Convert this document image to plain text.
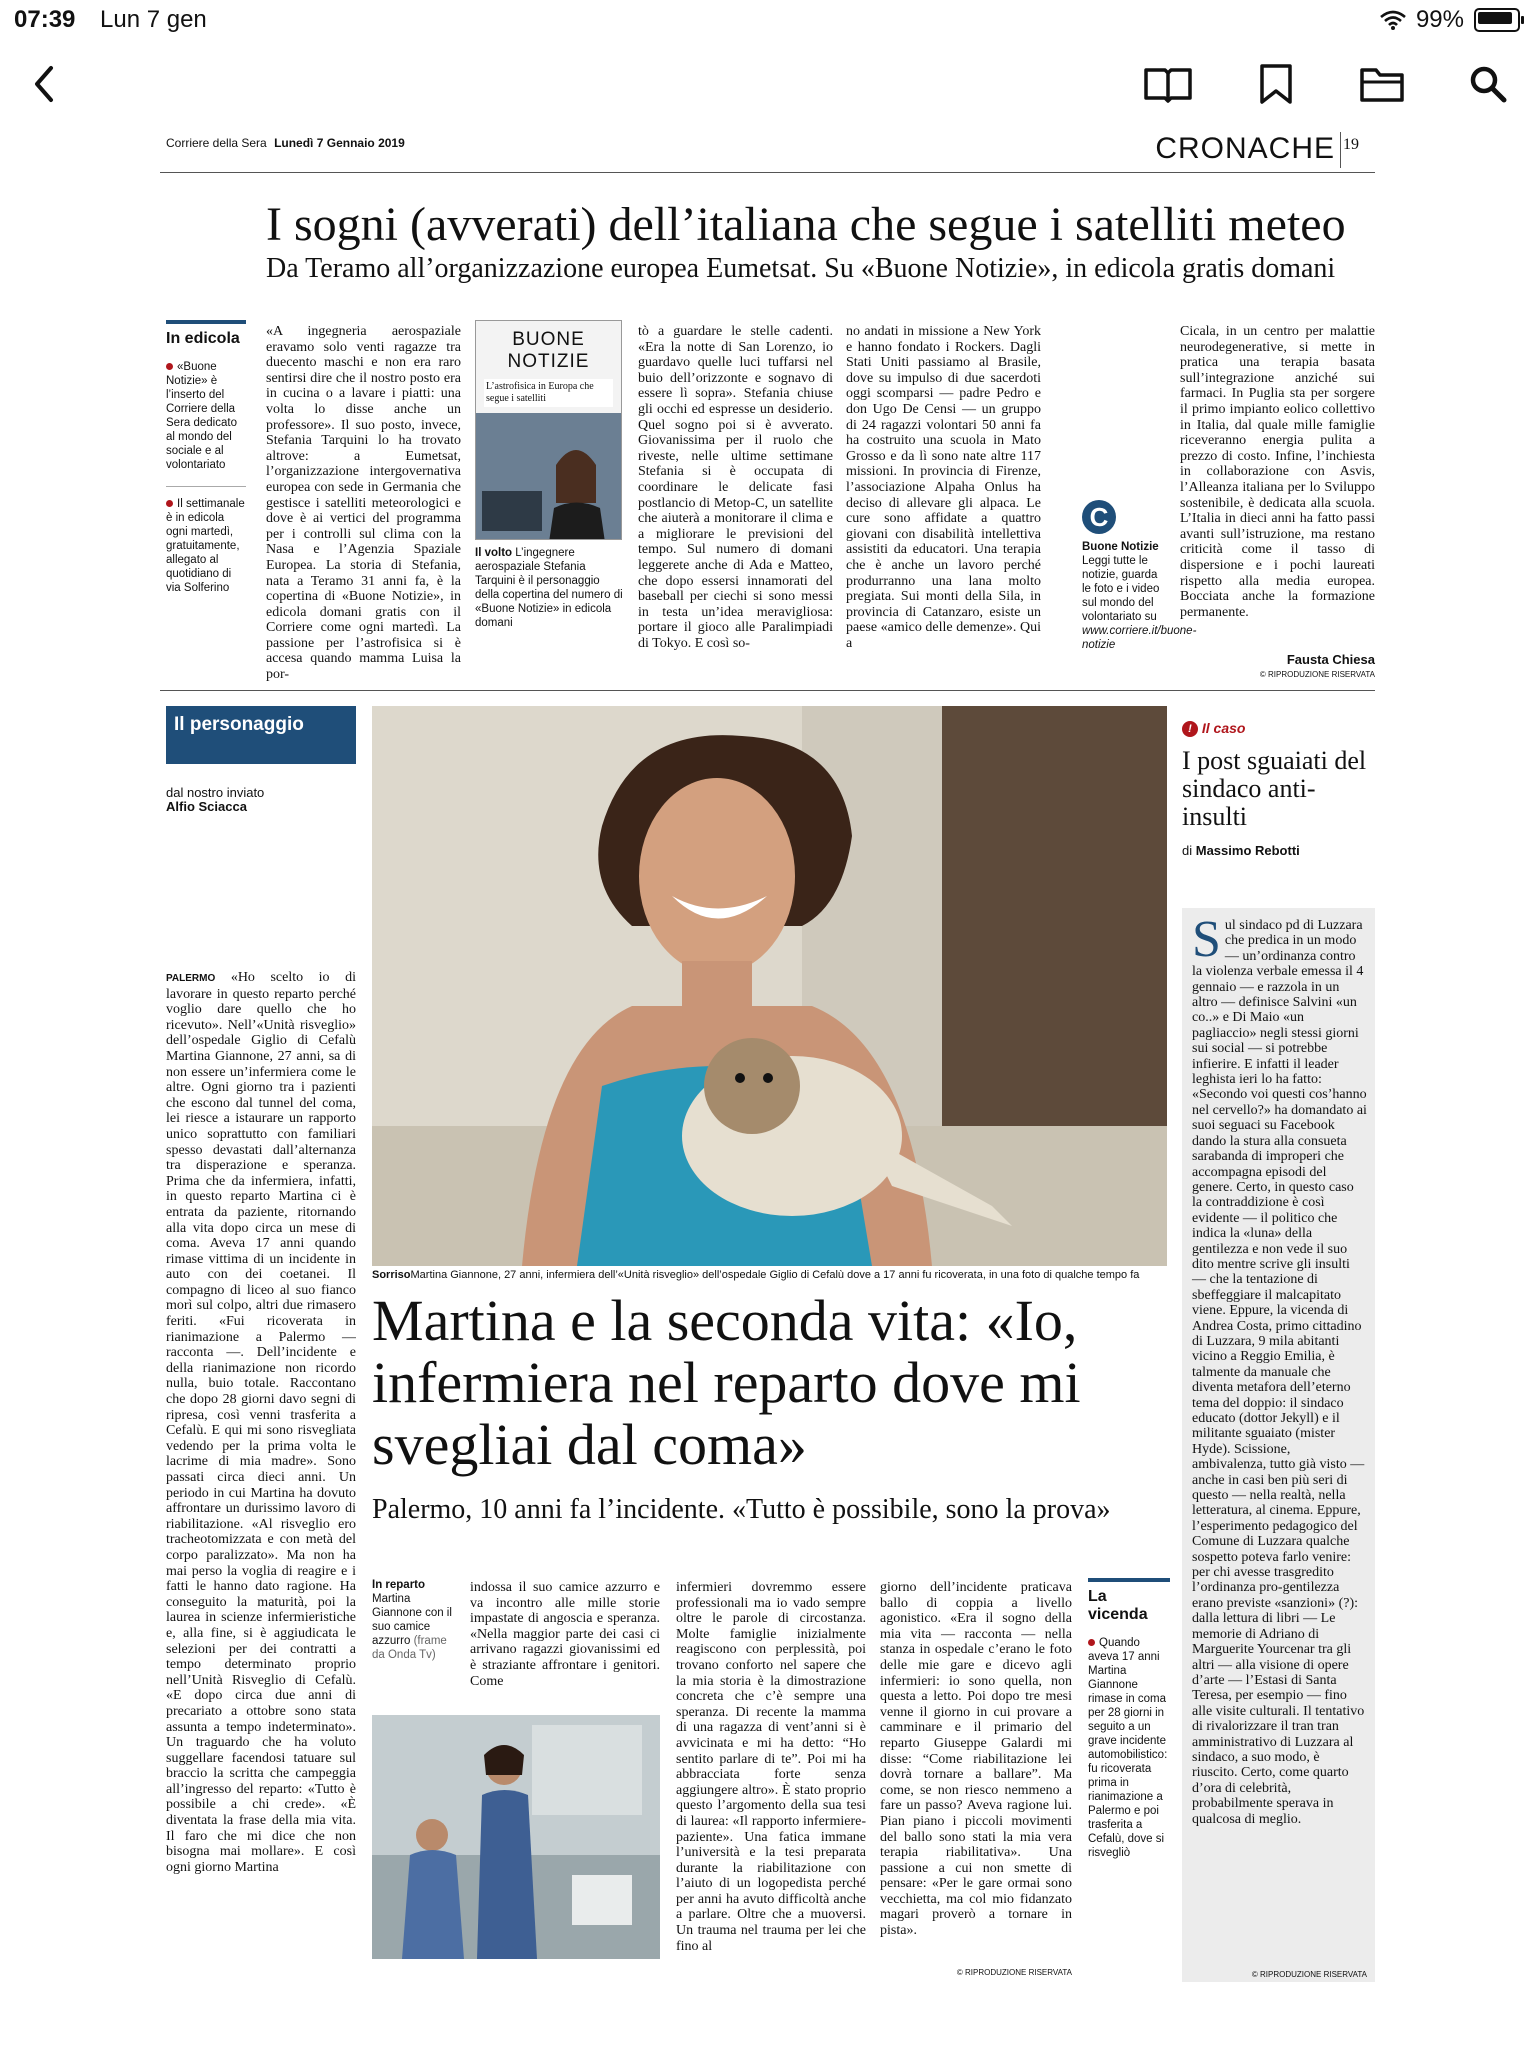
07:39 Lun 7 gen	99%
Corriere della Sera Lunedì 7 Gennaio 2019	CRONACHE 19
I sogni (avverati) dell’italiana che segue i satelliti meteo
Da Teramo all’organizzazione europea Eumetsat. Su «Buone Notizie», in edicola gratis domani
In edicola
«Buone Notizie» è l’inserto del Corriere della Sera dedicato al mondo del sociale e al volontariato
Il settimanale è in edicola ogni martedì, gratuitamente, allegato al quotidiano di via Solferino
«A ingegneria aerospaziale eravamo solo venti ragazze tra duecento maschi e non era raro sentirsi dire che il nostro posto era in cucina o a lavare i piatti: una volta lo disse anche un professore». Il suo posto, invece, Stefania Tarquini lo ha trovato altrove: a Eumetsat, l’organizzazione intergovernativa europea con sede in Germania che gestisce i satelliti meteorologici e dove è ai vertici del programma per i controlli sul clima con la Nasa e l’Agenzia Spaziale Europea. La storia di Stefania, nata a Teramo 31 anni fa, è la copertina di «Buone Notizie», in edicola domani gratis con il Corriere come ogni martedì. La passione per l’astrofisica si è accesa quando mamma Luisa la por-
BUONE NOTIZIE
L’astrofisica in Europa che segue i satelliti
Il volto L’ingegnere aerospaziale Stefania Tarquini è il personaggio della copertina del numero di «Buone Notizie» in edicola domani
tò a guardare le stelle cadenti. «Era la notte di San Lorenzo, io guardavo quelle luci tuffarsi nel buio dell’orizzonte e sognavo di essere lì sopra». Stefania chiuse gli occhi ed espresse un desiderio. Quel sogno poi si è avverato. Giovanissima per il ruolo che riveste, nelle ultime settimane Stefania si è occupata di coordinare le delicate fasi postlancio di Metop-C, un satellite che aiuterà a monitorare il clima e a migliorare le previsioni del tempo. Sul numero di domani leggerete anche di Ada e Matteo, che dopo essersi innamorati del baseball per ciechi si sono messi in testa un’idea meravigliosa: portare il gioco alle Paralimpiadi di Tokyo. E così so-
no andati in missione a New York e hanno fondato i Rockers. Dagli Stati Uniti passiamo al Brasile, dove su impulso di due sacerdoti oggi scomparsi — padre Pedro e don Ugo De Censi — un gruppo di 24 ragazzi volontari 50 anni fa ha costruito una scuola in Mato Grosso e da lì sono nate altre 117 missioni. In provincia di Firenze, l’associazione Alpaha Onlus ha deciso di allevare gli alpaca. Le cure sono affidate a quattro giovani con disabilità intellettiva assistiti da educatori. Una terapia che è anche un lavoro perché produrranno una lana molto pregiata. Sui monti della Sila, in provincia di Catanzaro, esiste un paese «amico delle demenze». Qui a
C
Buone Notizie
Leggi tutte le notizie, guarda le foto e i video sul mondo del volontariato su
www.corriere.it/buone-notizie
Cicala, in un centro per malattie neurodegenerative, si mette in pratica una terapia basata sull’integrazione anziché sui farmaci. In Puglia sta per sorgere il primo impianto eolico collettivo in Italia, dal quale mille famiglie riceveranno energia pulita a prezzo di costo. Infine, l’inchiesta in collaborazione con Asvis, l’Alleanza italiana per lo Sviluppo sostenibile, è dedicata alla scuola. L’Italia in dieci anni ha fatto passi avanti sull’istruzione, ma restano criticità come il tasso di dispersione e i pochi laureati rispetto alla media europea. Bocciata anche la formazione permanente.
Fausta Chiesa
© RIPRODUZIONE RISERVATA
Il personaggio
dal nostro inviato
Alfio Sciacca
SorrisoMartina Giannone, 27 anni, infermiera dell’«Unità risveglio» dell’ospedale Giglio di Cefalù dove a 17 anni fu ricoverata, in una foto di qualche tempo fa
Martina e la seconda vita: «Io, infermiera nel reparto dove mi svegliai dal coma»
Palermo, 10 anni fa l’incidente. «Tutto è possibile, sono la prova»
PALERMO «Ho scelto io di lavorare in questo reparto perché voglio dare quello che ho ricevuto». Nell’«Unità risveglio» dell’ospedale Giglio di Cefalù Martina Giannone, 27 anni, sa di non essere un’infermiera come le altre. Ogni giorno tra i pazienti che escono dal tunnel del coma, lei riesce a istaurare un rapporto unico soprattutto con familiari spesso devastati dall’alternanza tra disperazione e speranza. Prima che da infermiera, infatti, in questo reparto Martina ci è entrata da paziente, ritornando alla vita dopo circa un mese di coma. Aveva 17 anni quando rimase vittima di un incidente in auto con dei coetanei. Il compagno di liceo al suo fianco morì sul colpo, altri due rimasero feriti. «Fui ricoverata in rianimazione a Palermo — racconta —. Dell’incidente e della rianimazione non ricordo nulla, buio totale. Raccontano che dopo 28 giorni davo segni di ripresa, così venni trasferita a Cefalù. E qui mi sono risvegliata vedendo per la prima volta le lacrime di mia madre». Sono passati circa dieci anni. Un periodo in cui Martina ha dovuto affrontare un durissimo lavoro di riabilitazione. «Al risveglio ero tracheotomizzata e con metà del corpo paralizzato». Ma non ha mai perso la voglia di reagire e i fatti le hanno dato ragione. Ha conseguito la maturità, poi la laurea in scienze infermieristiche e, alla fine, si è aggiudicata le selezioni per dei contratti a tempo determinato proprio nell’Unità Risveglio di Cefalù. «E dopo circa due anni di precariato a ottobre sono stata assunta a tempo indeterminato». Un traguardo che ha voluto suggellare facendosi tatuare sul braccio la scritta che campeggia all’ingresso del reparto: «Tutto è possibile a chi crede». «È diventata la frase della mia vita. Il faro che mi dice che non bisogna mai mollare». E così ogni giorno Martina
In reparto
Martina Giannone con il suo camice azzurro (frame da Onda Tv)
indossa il suo camice azzurro e va incontro alle mille storie impastate di angoscia e speranza. «Nella maggior parte dei casi ci arrivano ragazzi giovanissimi ed è straziante affrontare i genitori. Come
infermieri dovremmo essere professionali ma io vado sempre oltre le parole di circostanza. Molte famiglie inizialmente reagiscono con perplessità, poi trovano conforto nel sapere che la mia storia è la dimostrazione concreta che c’è sempre una speranza. Di recente la mamma di una ragazza di vent’anni si è avvicinata e mi ha detto: “Ho sentito parlare di te”. Poi mi ha abbracciata forte senza aggiungere altro». È stato proprio questo l’argomento della sua tesi di laurea: «Il rapporto infermiere-paziente». Una fatica immane l’università e la tesi preparata durante la riabilitazione con l’aiuto di un logopedista perché per anni ha avuto difficoltà anche a parlare. Oltre che a muoversi. Un trauma nel trauma per lei che fino al
giorno dell’incidente praticava ballo di coppia a livello agonistico. «Era il sogno della mia vita — racconta — nella stanza in ospedale c’erano le foto delle mie gare e dicevo agli infermieri: io sono quella, non questa a letto. Poi dopo tre mesi venne il giorno in cui provare a camminare e il primario del reparto Giuseppe Galardi mi disse: “Come riabilitazione lei dovrà tornare a ballare”. Ma come, se non riesco nemmeno a fare un passo? Aveva ragione lui. Pian piano i piccoli movimenti del ballo sono stati la mia vera terapia riabilitativa». Una passione a cui non smette di pensare: «Per le gare ormai sono vecchietta, ma col mio fidanzato magari proverò a tornare in pista».
© RIPRODUZIONE RISERVATA
La vicenda
Quando aveva 17 anni Martina Giannone rimase in coma per 28 giorni in seguito a un grave incidente automobilistico: fu ricoverata prima in rianimazione a Palermo e poi trasferita a Cefalù, dove si risvegliò
! Il caso
I post sguaiati del sindaco anti-insulti
di Massimo Rebotti
Sul sindaco pd di Luzzara che predica in un modo — un’ordinanza contro la violenza verbale emessa il 4 gennaio — e razzola in un altro — definisce Salvini «un co..» e Di Maio «un pagliaccio» negli stessi giorni sui social — si potrebbe infierire. E infatti il leader leghista ieri lo ha fatto: «Secondo voi questi cos’hanno nel cervello?» ha domandato ai suoi seguaci su Facebook dando la stura alla consueta sarabanda di improperi che accompagna episodi del genere. Certo, in questo caso la contraddizione è così evidente — il politico che indica la «luna» della gentilezza e non vede il suo dito mentre scrive gli insulti — che la tentazione di sbeffeggiare il malcapitato viene. Eppure, la vicenda di Andrea Costa, primo cittadino di Luzzara, 9 mila abitanti vicino a Reggio Emilia, è talmente da manuale che diventa metafora dell’eterno tema del doppio: il sindaco educato (dottor Jekyll) e il militante sguaiato (mister Hyde). Scissione, ambivalenza, tutto già visto — anche in casi ben più seri di questo — nella realtà, nella letteratura, al cinema. Eppure, l’esperimento pedagogico del Comune di Luzzara qualche sospetto poteva farlo venire: per chi avesse trasgredito l’ordinanza pro-gentilezza erano previste «sanzioni» (?): dalla lettura di libri — Le memorie di Adriano di Marguerite Yourcenar tra gli altri — alla visione di opere d’arte — l’Estasi di Santa Teresa, per esempio — fino alle visite culturali. Il tentativo di rivalorizzare il tran tran amministrativo di Luzzara al sindaco, a suo modo, è riuscito. Certo, come quarto d’ora di celebrità, probabilmente sperava in qualcosa di meglio.
© RIPRODUZIONE RISERVATA
